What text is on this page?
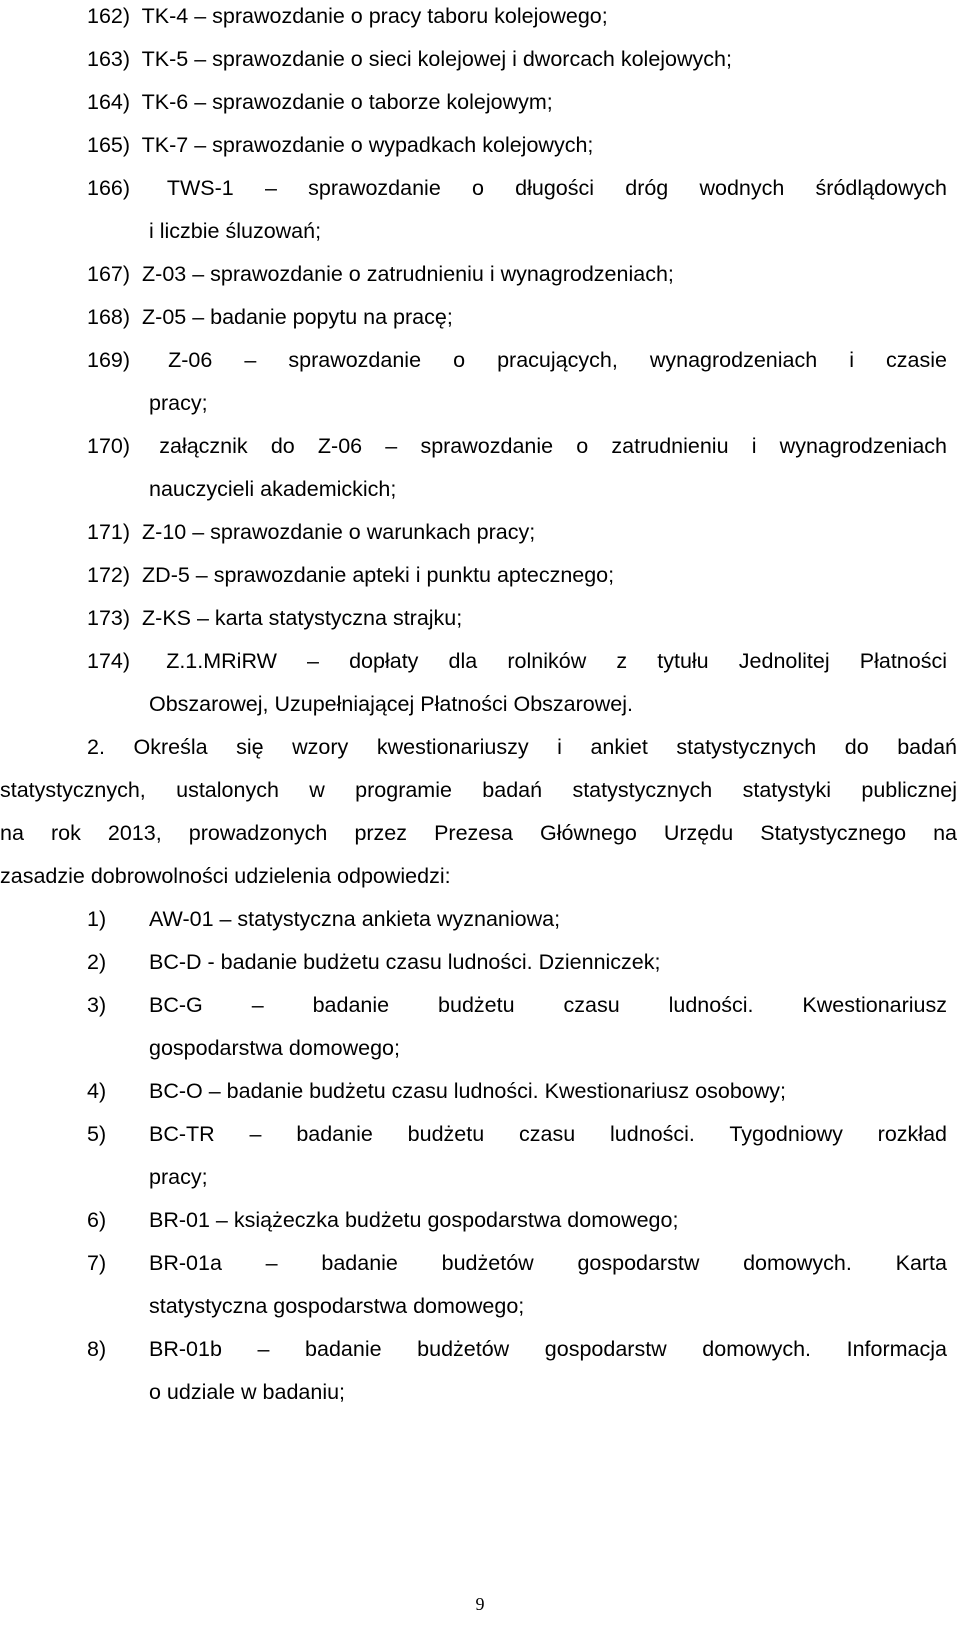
162) TK-4 – sprawozdanie o pracy taboru kolejowego;
163) TK-5 – sprawozdanie o sieci kolejowej i dworcach kolejowych;
164) TK-6 – sprawozdanie o taborze kolejowym;
165) TK-7 – sprawozdanie o wypadkach kolejowych;
166) TWS-1 – sprawozdanie o długości dróg wodnych śródlądowych
i liczbie śluzowań;
167) Z-03 – sprawozdanie o zatrudnieniu i wynagrodzeniach;
168) Z-05 – badanie popytu na pracę;
169) Z-06 – sprawozdanie o pracujących, wynagrodzeniach i czasie
pracy;
170) załącznik do Z-06 – sprawozdanie o zatrudnieniu i wynagrodzeniach
nauczycieli akademickich;
171) Z-10 – sprawozdanie o warunkach pracy;
172) ZD-5 – sprawozdanie apteki i punktu aptecznego;
173) Z-KS – karta statystyczna strajku;
174) Z.1.MRiRW – dopłaty dla rolników z tytułu Jednolitej Płatności
Obszarowej, Uzupełniającej Płatności Obszarowej.
2. Określa się wzory kwestionariuszy i ankiet statystycznych do badań
statystycznych, ustalonych w programie badań statystycznych statystyki publicznej
na rok 2013, prowadzonych przez Prezesa Głównego Urzędu Statystycznego na
zasadzie dobrowolności udzielenia odpowiedzi:
1) AW-01 – statystyczna ankieta wyznaniowa;
2) BC-D - badanie budżetu czasu ludności. Dzienniczek;
3)	BC-G – badanie budżetu czasu ludności. Kwestionariusz
gospodarstwa domowego;
4) BC-O – badanie budżetu czasu ludności. Kwestionariusz osobowy;
5)	BC-TR – badanie budżetu czasu ludności. Tygodniowy rozkład
pracy;
6) BR-01 – książeczka budżetu gospodarstwa domowego;
7)	BR-01a – badanie budżetów gospodarstw domowych. Karta
statystyczna gospodarstwa domowego;
8)	BR-01b – badanie budżetów gospodarstw domowych. Informacja
o udziale w badaniu;
9
